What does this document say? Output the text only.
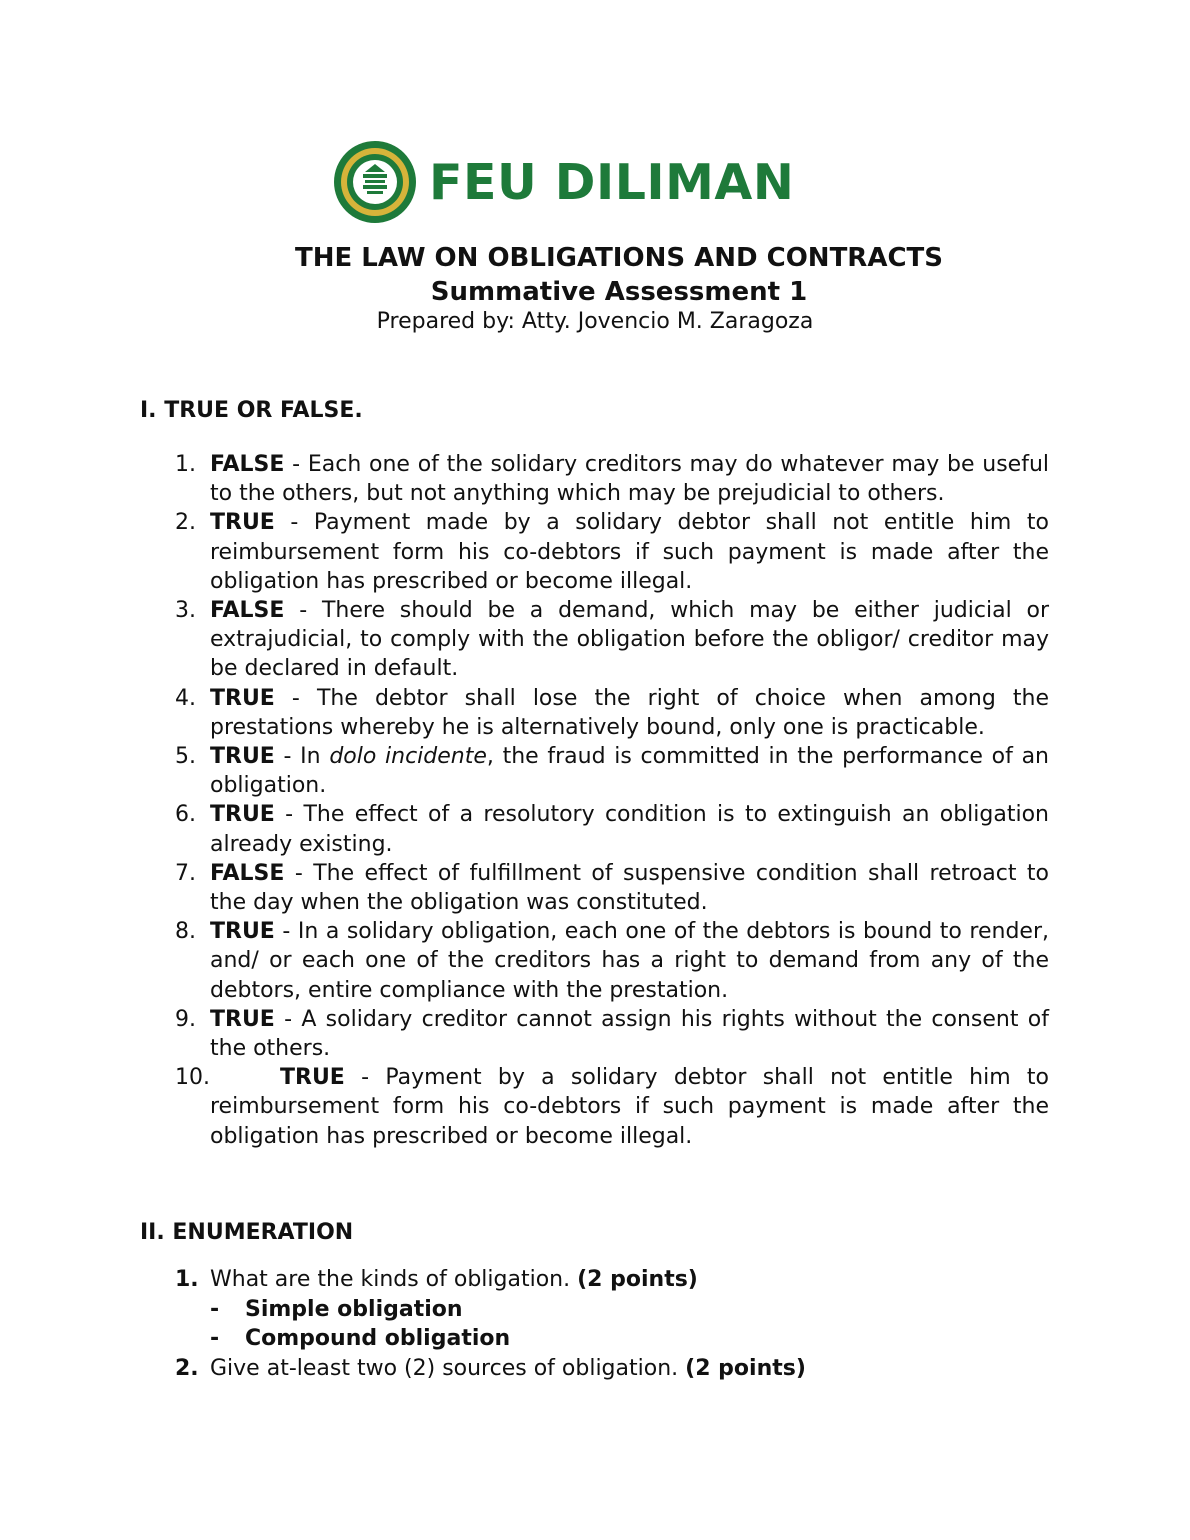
FEU DILIMAN
THE LAW ON OBLIGATIONS AND CONTRACTS
Summative Assessment 1
Prepared by: Atty. Jovencio M. Zaragoza
I. TRUE OR FALSE.
1. FALSE - Each one of the solidary creditors may do whatever may be useful to the others, but not anything which may be prejudicial to others.
2. TRUE - Payment made by a solidary debtor shall not entitle him to reimbursement form his co-debtors if such payment is made after the obligation has prescribed or become illegal.
3. FALSE - There should be a demand, which may be either judicial or extrajudicial, to comply with the obligation before the obligor/ creditor may be declared in default.
4. TRUE - The debtor shall lose the right of choice when among the prestations whereby he is alternatively bound, only one is practicable.
5. TRUE - In dolo incidente, the fraud is committed in the performance of an obligation.
6. TRUE - The effect of a resolutory condition is to extinguish an obligation already existing.
7. FALSE - The effect of fulfillment of suspensive condition shall retroact to the day when the obligation was constituted.
8. TRUE - In a solidary obligation, each one of the debtors is bound to render, and/ or each one of the creditors has a right to demand from any of the debtors, entire compliance with the prestation.
9. TRUE - A solidary creditor cannot assign his rights without the consent of the others.
10.	TRUE - Payment by a solidary debtor shall not entitle him to reimbursement form his co-debtors if such payment is made after the obligation has prescribed or become illegal.
II. ENUMERATION
1. What are the kinds of obligation. (2 points)
- Simple obligation
- Compound obligation
2. Give at-least two (2) sources of obligation. (2 points)
